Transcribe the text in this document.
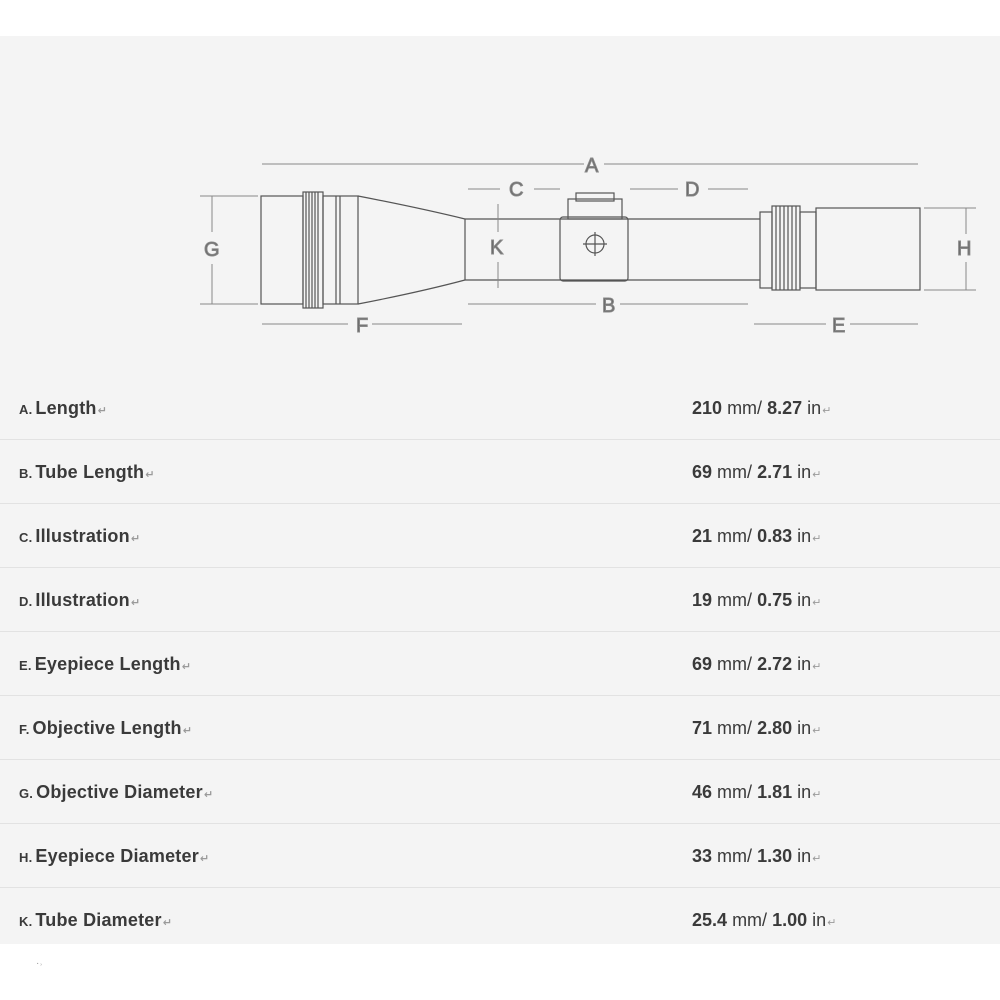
A
C	D
K
B
F	E
G	H
A. Length↵	210 mm/ 8.27 in↵
B. Tube Length↵	69 mm/ 2.71 in↵
C. Illustration↵	21 mm/ 0.83 in↵
D. Illustration↵	19 mm/ 0.75 in↵
E. Eyepiece Length↵	69 mm/ 2.72 in↵
F. Objective Length↵	71 mm/ 2.80 in↵
G. Objective Diameter↵	46 mm/ 1.81 in↵
H. Eyepiece Diameter↵	33 mm/ 1.30 in↵
K. Tube Diameter↵	25.4 mm/ 1.00 in↵
·˒
